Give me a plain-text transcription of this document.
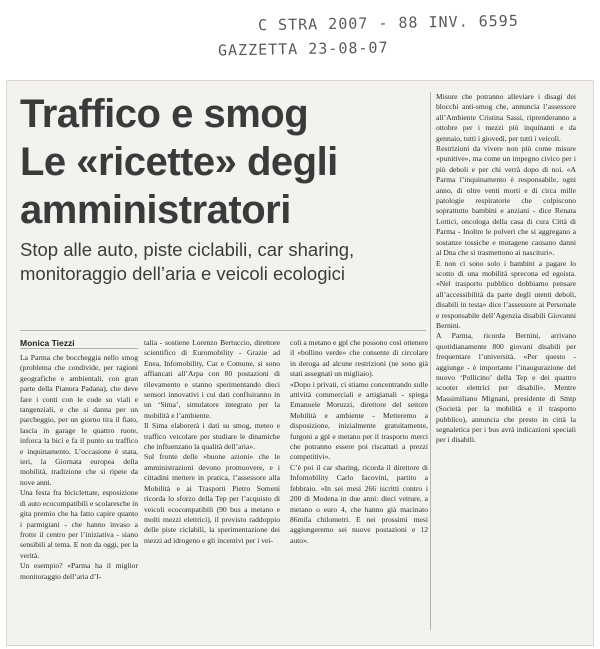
C STRA 2007 - 88 INV. 6595
GAZZETTA 23-08-07
Traffico e smog
Le «ricette» degli
amministratori
Stop alle auto, piste ciclabili, car sharing,
monitoraggio dell’aria e veicoli ecologici
Monica Tiezzi

La Parma che boccheggia nello smog (problema che condivide, per ragioni geografiche e ambientali, con gran parte della Pianura Padana), che deve fare i conti con le code su viali e tangenziali, e che si danna per un parcheggio, per un giorno tira il fiato, lascia in garage le quattro ruote, inforca la bici e fa il punto su traffico e inquinamento. L’occasione è stata, ieri, la Giornata europea della mobilità, tradizione che si ripete da nove anni.

Una festa fra biciclettate, esposizione di auto ecocompatibili e scolaresche in gita premio che ha fatto capire quanto i parmigiani - che hanno invaso a frotte il centro per l’iniziativa - siano sensibili al tema. E non da oggi, per la verità.

Un esempio? «Parma ha il miglior monitoraggio dell’aria d’I-

talia - sostiene Lorenzo Bertuccio, direttore scientifico di Euromobility - Grazie ad Enea, Infomobility, Car e Comune, si sono affiancati all’Arpa con 80 postazioni di rilevamento e stanno sperimentando dieci sensori innovativi i cui dati confluiranno in un ‘Sima’, simulatore integrato per la mobilità e l’ambiente.

Il Sima elaborerà i dati su smog, meteo e traffico veicolare per studiare le dinamiche che influenzano la qualità dell’aria».

Sul fronte delle «buone azioni» che le amministrazioni devono promuovere, e i cittadini mettere in pratica, l’assessore alla Mobilità e ai Trasporti Pietro Someni ricorda lo sforzo della Tep per l’acquisto di veicoli ecocompatibili (90 bus a metano e molti mezzi elettrici), il previsto raddoppio delle piste ciclabili, la sperimentazione dei mezzi ad idrogeno e gli incentivi per i vei-

coli a metano e gpl che possono così ottenere il «bollino verde» che consente di circolare in deroga ad alcune restrizioni (ne sono già stati assegnati un migliaio).

«Dopo i privati, ci stiamo concentrando sulle attività commerciali e artigianali - spiega Emanuele Moruzzi, direttore del settore Mobilità e ambiente - Metteremo a disposizione, inizialmente gratuitamente, furgoni a gpl e metano per il trasporto merci che potranno essere poi riscattati a prezzi competitivi».

C’è poi il car sharing, ricorda il direttore di Infomobility Carlo Iacovini, partito a febbraio. «In sei mesi 266 iscritti contro i 200 di Modena in due anni: dieci vetture, a metano o euro 4, che hanno già macinato 86mila chilometri. E nei prossimi mesi aggiungeremo sei nuove postazioni e 12 auto».

Misure che potranno alleviare i disagi dei blocchi anti-smog che, annuncia l’assessore all’Ambiente Cristina Sassi, riprenderanno a ottobre per i mezzi più inquinanti e da gennaio, tutti i giovedì, per tutti i veicoli.

Restrizioni da vivere non più come misure «punitive», ma come un impegno civico per i più deboli e per chi verrà dopo di noi. «A Parma l’inquinamento è responsabile, ogni anno, di oltre venti morti e di circa mille patologie respiratorie che colpiscono soprattutto bambini e anziani - dice Renata Lottici, oncologa della casa di cura Città di Parma - Inoltre le polveri che si aggregano a sostanze tossiche e mutagene causano danni al Dna che si trasmettono ai nascituri».

E non ci sono solo i bambini a pagare lo scotto di una mobilità sprecona ed egoista. «Nel trasporto pubblico dobbiamo pensare all’accessibilità da parte degli utenti deboli, disabili in testa» dice l’assessore ai Personale e responsabile dell’Agenzia disabili Giovanni Bernini.

A Parma, ricorda Bernini, arrivano quotidianamente 800 giovani disabili per frequentare l’università. «Per questo - aggiunge - è importante l’inaugurazione del nuovo ‘Pollicino’ della Tep e dei quattro scooter elettrici per disabili». Mentre Massimiliano Mignani, presidente di Smtp (Società per la mobilità e il trasporto pubblico), annuncia che presto in città la segnaletica per i bus avrà indicazioni speciali per i disabili.
